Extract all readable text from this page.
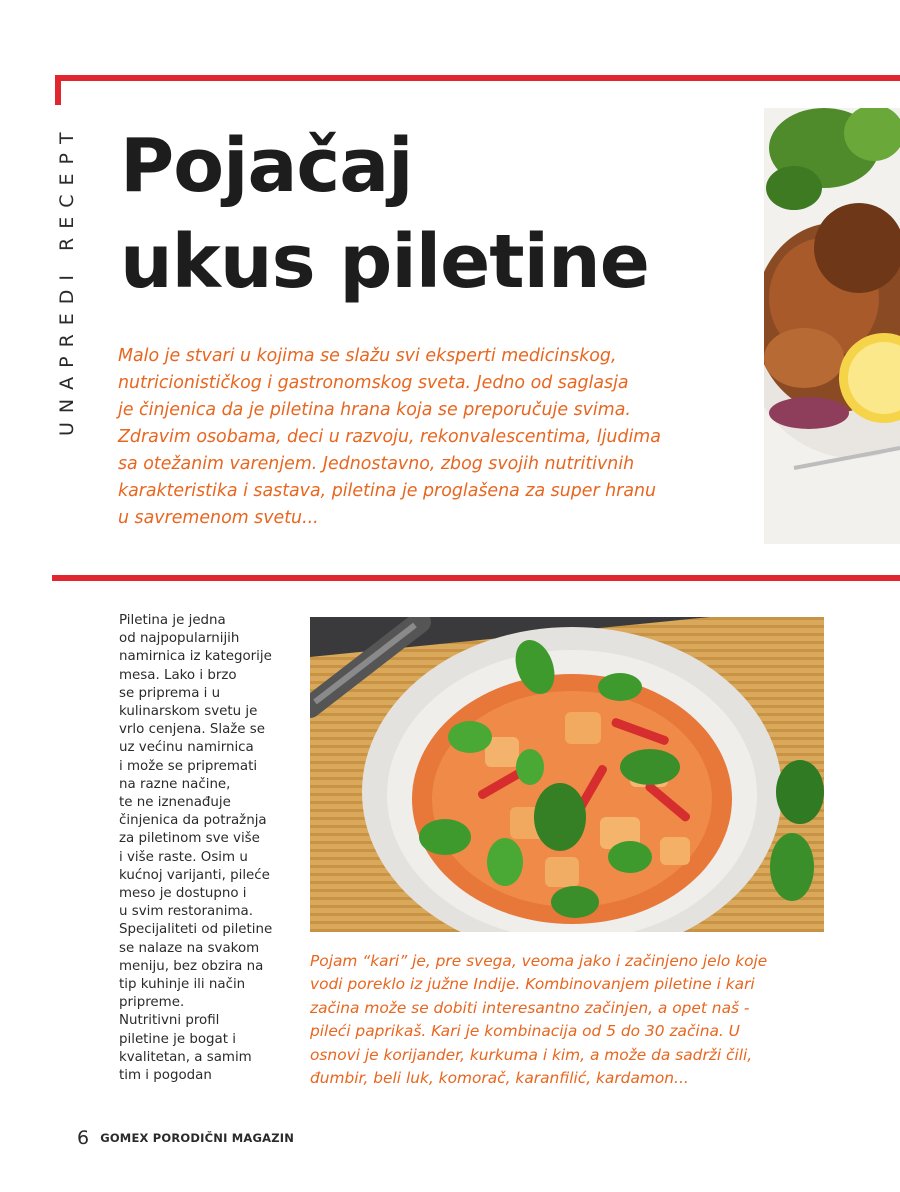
UNAPREDI RECEPT Pojačaj
ukus piletine
Malo je stvari u kojima se slažu svi eksperti medicinskog,
nutricionističkog i gastronomskog sveta. Jedno od saglasja
je činjenica da je piletina hrana koja se preporučuje svima.
Zdravim osobama, deci u razvoju, rekonvalescentima, ljudima
sa otežanim varenjem. Jednostavno, zbog svojih nutritivnih
karakteristika i sastava, piletina je proglašena za super hranu
u savremenom svetu...
Piletina je jedna
od najpopularnijih
namirnica iz kategorije
mesa. Lako i brzo
se priprema i u
kulinarskom svetu je
vrlo cenjena. Slaže se
uz većinu namirnica
i može se pripremati
na razne načine,
te ne iznenađuje
činjenica da potražnja
za piletinom sve više
i više raste. Osim u
kućnoj varijanti, pileće
meso je dostupno i
u svim restoranima.
Specijaliteti od piletine
se nalaze na svakom
meniju, bez obzira na
tip kuhinje ili način
pripreme.
Nutritivni profil
piletine je bogat i
kvalitetan, a samim
tim i pogodan
Pojam “kari” je, pre svega, veoma jako i začinjeno jelo koje
vodi poreklo iz južne Indije. Kombinovanjem piletine i kari
začina može se dobiti interesantno začinjen, a opet naš -
pileći paprikaš. Kari je kombinacija od 5 do 30 začina. U
osnovi je korijander, kurkuma i kim, a može da sadrži čili,
đumbir, beli luk, komorač, karanfilić, kardamon...
6 GOMEX PORODIČNI MAGAZIN
